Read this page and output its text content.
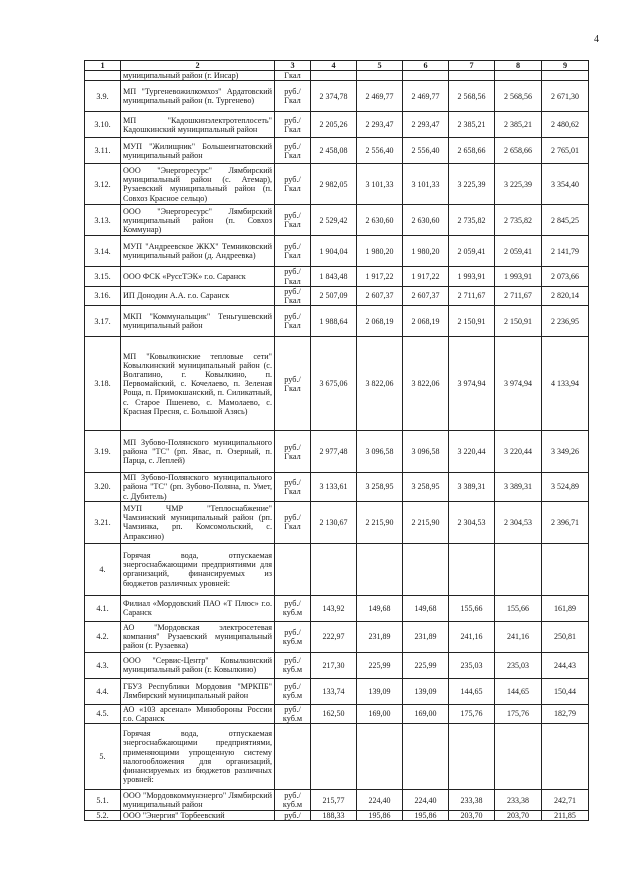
4
1	2	3	4	5	6	7	8	9
	муниципальный район (г. Инсар)	Гкал						
3.9.	МП "Тургеневожилкомхоз" Ардатовский муниципальный район (п. Тургенево)	руб./ Гкал	2 374,78	2 469,77	2 469,77	2 568,56	2 568,56	2 671,30
3.10.	МП "Кадошкинэлектротеплосеть" Кадошкинский муниципальный район	руб./ Гкал	2 205,26	2 293,47	2 293,47	2 385,21	2 385,21	2 480,62
3.11.	МУП "Жилищник" Большеигнатовский муниципальный район	руб./ Гкал	2 458,08	2 556,40	2 556,40	2 658,66	2 658,66	2 765,01
3.12.	ООО "Энергоресурс" Лямбирский муниципальный район (с. Атемар), Рузаевский муниципальный район (п. Совхоз Красное сельцо)	руб./ Гкал	2 982,05	3 101,33	3 101,33	3 225,39	3 225,39	3 354,40
3.13.	ООО "Энергоресурс" Лямбирский муниципальный район (п. Совхоз Коммунар)	руб./ Гкал	2 529,42	2 630,60	2 630,60	2 735,82	2 735,82	2 845,25
3.14.	МУП "Андреевское ЖКХ" Темниковский муниципальный район (д. Андреевка)	руб./ Гкал	1 904,04	1 980,20	1 980,20	2 059,41	2 059,41	2 141,79
3.15.	ООО ФСК «РуссТЭК» г.о. Саранск	руб./ Гкал	1 843,48	1 917,22	1 917,22	1 993,91	1 993,91	2 073,66
3.16.	ИП Донодин А.А. г.о. Саранск	руб./ Гкал	2 507,09	2 607,37	2 607,37	2 711,67	2 711,67	2 820,14
3.17.	МКП "Коммунальщик" Теньгушевский муниципальный район	руб./ Гкал	1 988,64	2 068,19	2 068,19	2 150,91	2 150,91	2 236,95
3.18.	МП "Ковылкинские тепловые сети" Ковылкинский муниципальный район (с. Волгапино, г. Ковылкино, п. Первомайский, с. Кочелаево, п. Зеленая Роща, п. Примокшанский, п. Силикатный, с. Старое Пшенево, с. Мамолаево, с. Красная Пресня, с. Большой Азясь)	руб./ Гкал	3 675,06	3 822,06	3 822,06	3 974,94	3 974,94	4 133,94
3.19.	МП Зубово-Полянского муниципального района "ТС" (рп. Явас, п. Озерный, п. Парца, с. Леплей)	руб./ Гкал	2 977,48	3 096,58	3 096,58	3 220,44	3 220,44	3 349,26
3.20.	МП Зубово-Полянского муниципального района "ТС" (рп. Зубово-Поляна, п. Умет, с. Дубитель)	руб./ Гкал	3 133,61	3 258,95	3 258,95	3 389,31	3 389,31	3 524,89
3.21.	МУП ЧМР "Теплоснабжение" Чамзинский муниципальный район (рп. Чамзинка, рп. Комсомольский, с. Апраксино)	руб./ Гкал	2 130,67	2 215,90	2 215,90	2 304,53	2 304,53	2 396,71
4.	Горячая вода, отпускаемая энергоснабжающими предприятиями для организаций, финансируемых из бюджетов различных уровней:							
4.1.	Филиал «Мордовский ПАО «Т Плюс» г.о. Саранск	руб./ куб.м	143,92	149,68	149,68	155,66	155,66	161,89
4.2.	АО "Мордовская электросетевая компания" Рузаевский муниципальный район (г. Рузаевка)	руб./ куб.м	222,97	231,89	231,89	241,16	241,16	250,81
4.3.	ООО "Сервис-Центр" Ковылкинский муниципальный район (г. Ковылкино)	руб./ куб.м	217,30	225,99	225,99	235,03	235,03	244,43
4.4.	ГБУЗ Республики Мордовия "МРКПБ" Лямбирский муниципальный район	руб./ куб.м	133,74	139,09	139,09	144,65	144,65	150,44
4.5.	АО «103 арсенал» Минобороны России г.о. Саранск	руб./ куб.м	162,50	169,00	169,00	175,76	175,76	182,79
5.	Горячая вода, отпускаемая энергоснабжающими предприятиями, применяющими упрощенную систему налогообложения для организаций, финансируемых из бюджетов различных уровней:							
5.1.	ООО "Мордовкоммунэнерго" Лямбирский муниципальный район	руб./ куб.м	215,77	224,40	224,40	233,38	233,38	242,71
5.2.	ООО "Энергия" Торбеевский	руб./	188,33	195,86	195,86	203,70	203,70	211,85
